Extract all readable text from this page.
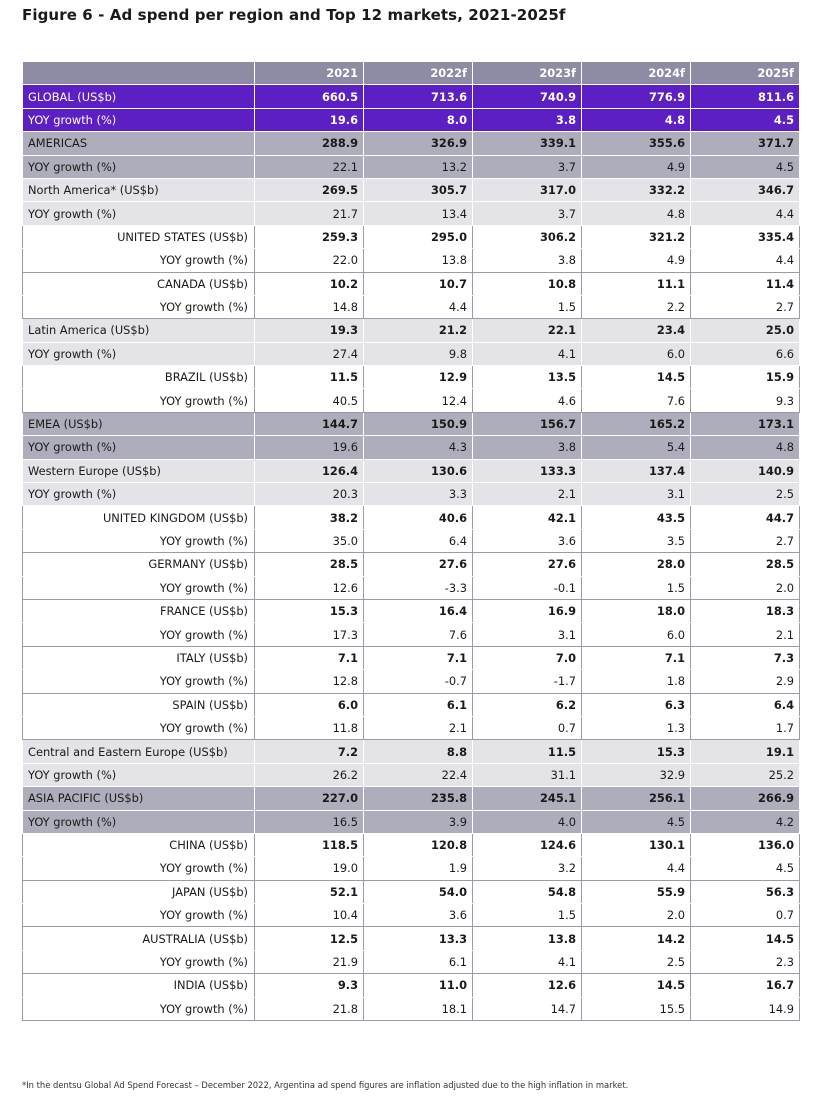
Figure 6 - Ad spend per region and Top 12 markets, 2021-2025f
	2021	2022f	2023f	2024f	2025f
GLOBAL (US$b)	660.5	713.6	740.9	776.9	811.6
YOY growth (%)	19.6	8.0	3.8	4.8	4.5
AMERICAS	288.9	326.9	339.1	355.6	371.7
YOY growth (%)	22.1	13.2	3.7	4.9	4.5
North America* (US$b)	269.5	305.7	317.0	332.2	346.7
YOY growth (%)	21.7	13.4	3.7	4.8	4.4
UNITED STATES (US$b)	259.3	295.0	306.2	321.2	335.4
YOY growth (%)	22.0	13.8	3.8	4.9	4.4
CANADA (US$b)	10.2	10.7	10.8	11.1	11.4
YOY growth (%)	14.8	4.4	1.5	2.2	2.7
Latin America (US$b)	19.3	21.2	22.1	23.4	25.0
YOY growth (%)	27.4	9.8	4.1	6.0	6.6
BRAZIL (US$b)	11.5	12.9	13.5	14.5	15.9
YOY growth (%)	40.5	12.4	4.6	7.6	9.3
EMEA (US$b)	144.7	150.9	156.7	165.2	173.1
YOY growth (%)	19.6	4.3	3.8	5.4	4.8
Western Europe (US$b)	126.4	130.6	133.3	137.4	140.9
YOY growth (%)	20.3	3.3	2.1	3.1	2.5
UNITED KINGDOM (US$b)	38.2	40.6	42.1	43.5	44.7
YOY growth (%)	35.0	6.4	3.6	3.5	2.7
GERMANY (US$b)	28.5	27.6	27.6	28.0	28.5
YOY growth (%)	12.6	-3.3	-0.1	1.5	2.0
FRANCE (US$b)	15.3	16.4	16.9	18.0	18.3
YOY growth (%)	17.3	7.6	3.1	6.0	2.1
ITALY (US$b)	7.1	7.1	7.0	7.1	7.3
YOY growth (%)	12.8	-0.7	-1.7	1.8	2.9
SPAIN (US$b)	6.0	6.1	6.2	6.3	6.4
YOY growth (%)	11.8	2.1	0.7	1.3	1.7
Central and Eastern Europe (US$b)	7.2	8.8	11.5	15.3	19.1
YOY growth (%)	26.2	22.4	31.1	32.9	25.2
ASIA PACIFIC (US$b)	227.0	235.8	245.1	256.1	266.9
YOY growth (%)	16.5	3.9	4.0	4.5	4.2
CHINA (US$b)	118.5	120.8	124.6	130.1	136.0
YOY growth (%)	19.0	1.9	3.2	4.4	4.5
JAPAN (US$b)	52.1	54.0	54.8	55.9	56.3
YOY growth (%)	10.4	3.6	1.5	2.0	0.7
AUSTRALIA (US$b)	12.5	13.3	13.8	14.2	14.5
YOY growth (%)	21.9	6.1	4.1	2.5	2.3
INDIA (US$b)	9.3	11.0	12.6	14.5	16.7
YOY growth (%)	21.8	18.1	14.7	15.5	14.9
*In the dentsu Global Ad Spend Forecast – December 2022, Argentina ad spend figures are inflation adjusted due to the high inflation in market.
